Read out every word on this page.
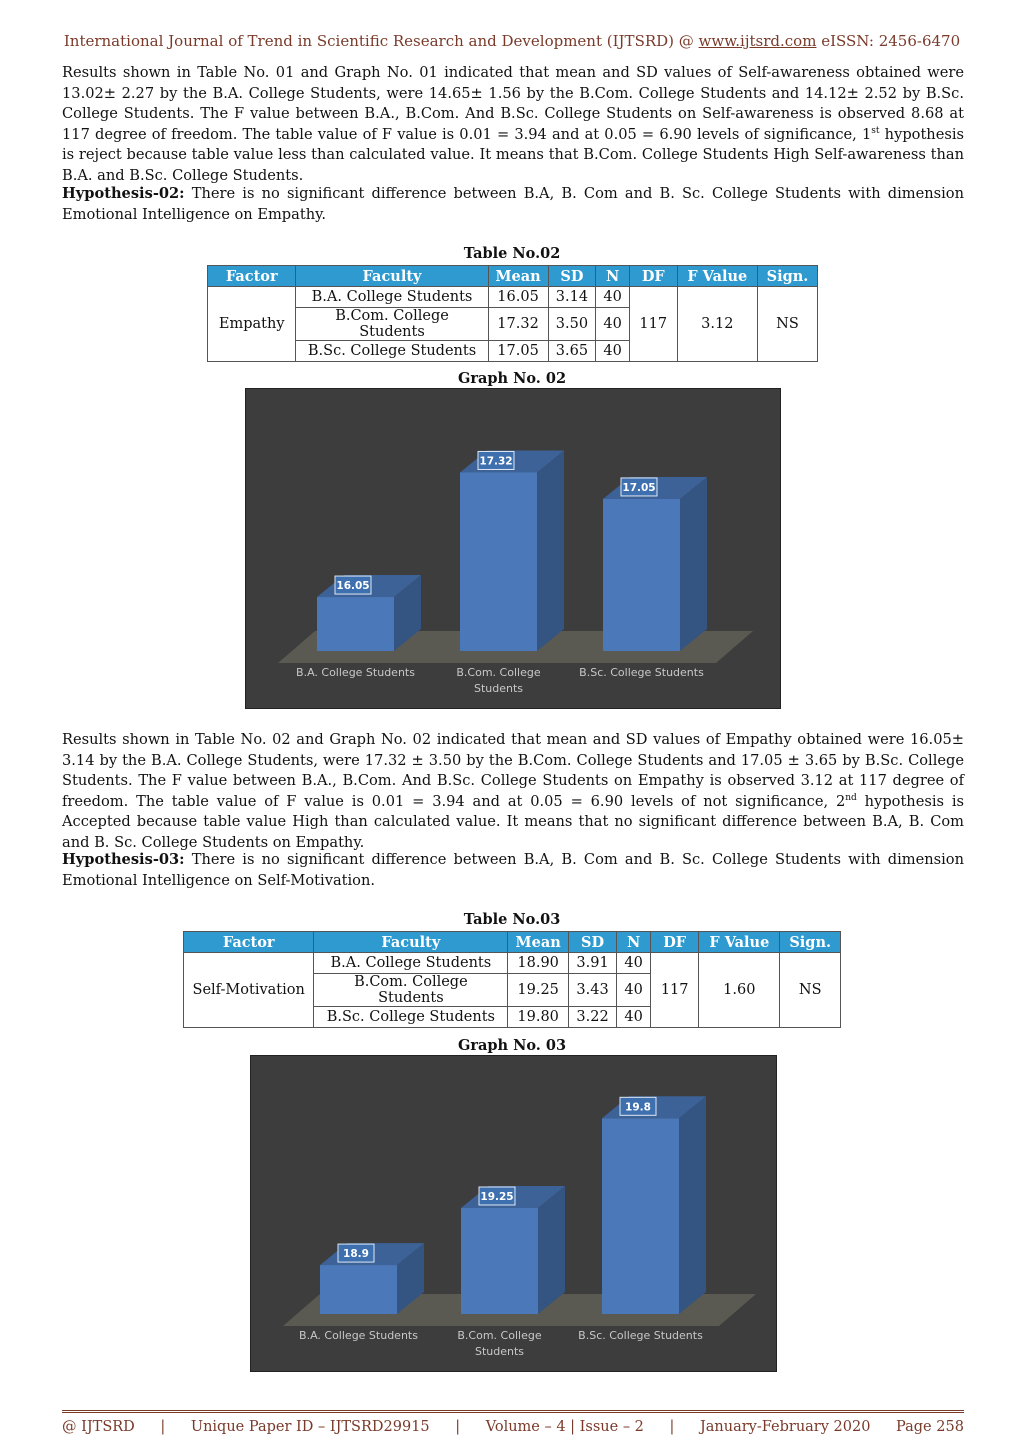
International Journal of Trend in Scientific Research and Development (IJTSRD) @ www.ijtsrd.com eISSN: 2456-6470

Results shown in Table No. 01 and Graph No. 01 indicated that mean and SD values of Self-awareness obtained were 13.02± 2.27 by the B.A. College Students, were 14.65± 1.56 by the B.Com. College Students and 14.12± 2.52 by B.Sc. College Students. The F value between B.A., B.Com. And B.Sc. College Students on Self-awareness is observed 8.68 at 117 degree of freedom. The table value of F value is 0.01 = 3.94 and at 0.05 = 6.90 levels of significance, 1st hypothesis is reject because table value less than calculated value. It means that B.Com. College Students High Self-awareness than B.A. and B.Sc. College Students.

Hypothesis-02: There is no significant difference between B.A, B. Com and B. Sc. College Students with dimension Emotional Intelligence on Empathy.

Table No.02
Factor	Faculty	Mean	SD	N	DF	F Value	Sign.
Empathy	B.A. College Students	16.05	3.14	40	117	3.12	NS
	B.Com. College Students	17.32	3.50	40			
	B.Sc. College Students	17.05	3.65	40			
Graph No. 02
16.05
B.A. College Students
17.32
B.Com. College
Students
17.05
B.Sc. College Students

Results shown in Table No. 02 and Graph No. 02 indicated that mean and SD values of Empathy obtained were 16.05± 3.14 by the B.A. College Students, were 17.32 ± 3.50 by the B.Com. College Students and 17.05 ± 3.65 by B.Sc. College Students. The F value between B.A., B.Com. And B.Sc. College Students on Empathy is observed 3.12 at 117 degree of freedom. The table value of F value is 0.01 = 3.94 and at 0.05 = 6.90 levels of not significance, 2nd hypothesis is Accepted because table value High than calculated value. It means that no significant difference between B.A, B. Com and B. Sc. College Students on Empathy.

Hypothesis-03: There is no significant difference between B.A, B. Com and B. Sc. College Students with dimension Emotional Intelligence on Self-Motivation.

Table No.03
Factor	Faculty	Mean	SD	N	DF	F Value	Sign.
Self-Motivation	B.A. College Students	18.90	3.91	40	117	1.60	NS
	B.Com. College Students	19.25	3.43	40			
	B.Sc. College Students	19.80	3.22	40			
Graph No. 03
18.9
B.A. College Students
19.25
B.Com. College
Students
19.8
B.Sc. College Students
@ IJTSRD | Unique Paper ID – IJTSRD29915 | Volume – 4 | Issue – 2 | January-February 2020 Page 258
